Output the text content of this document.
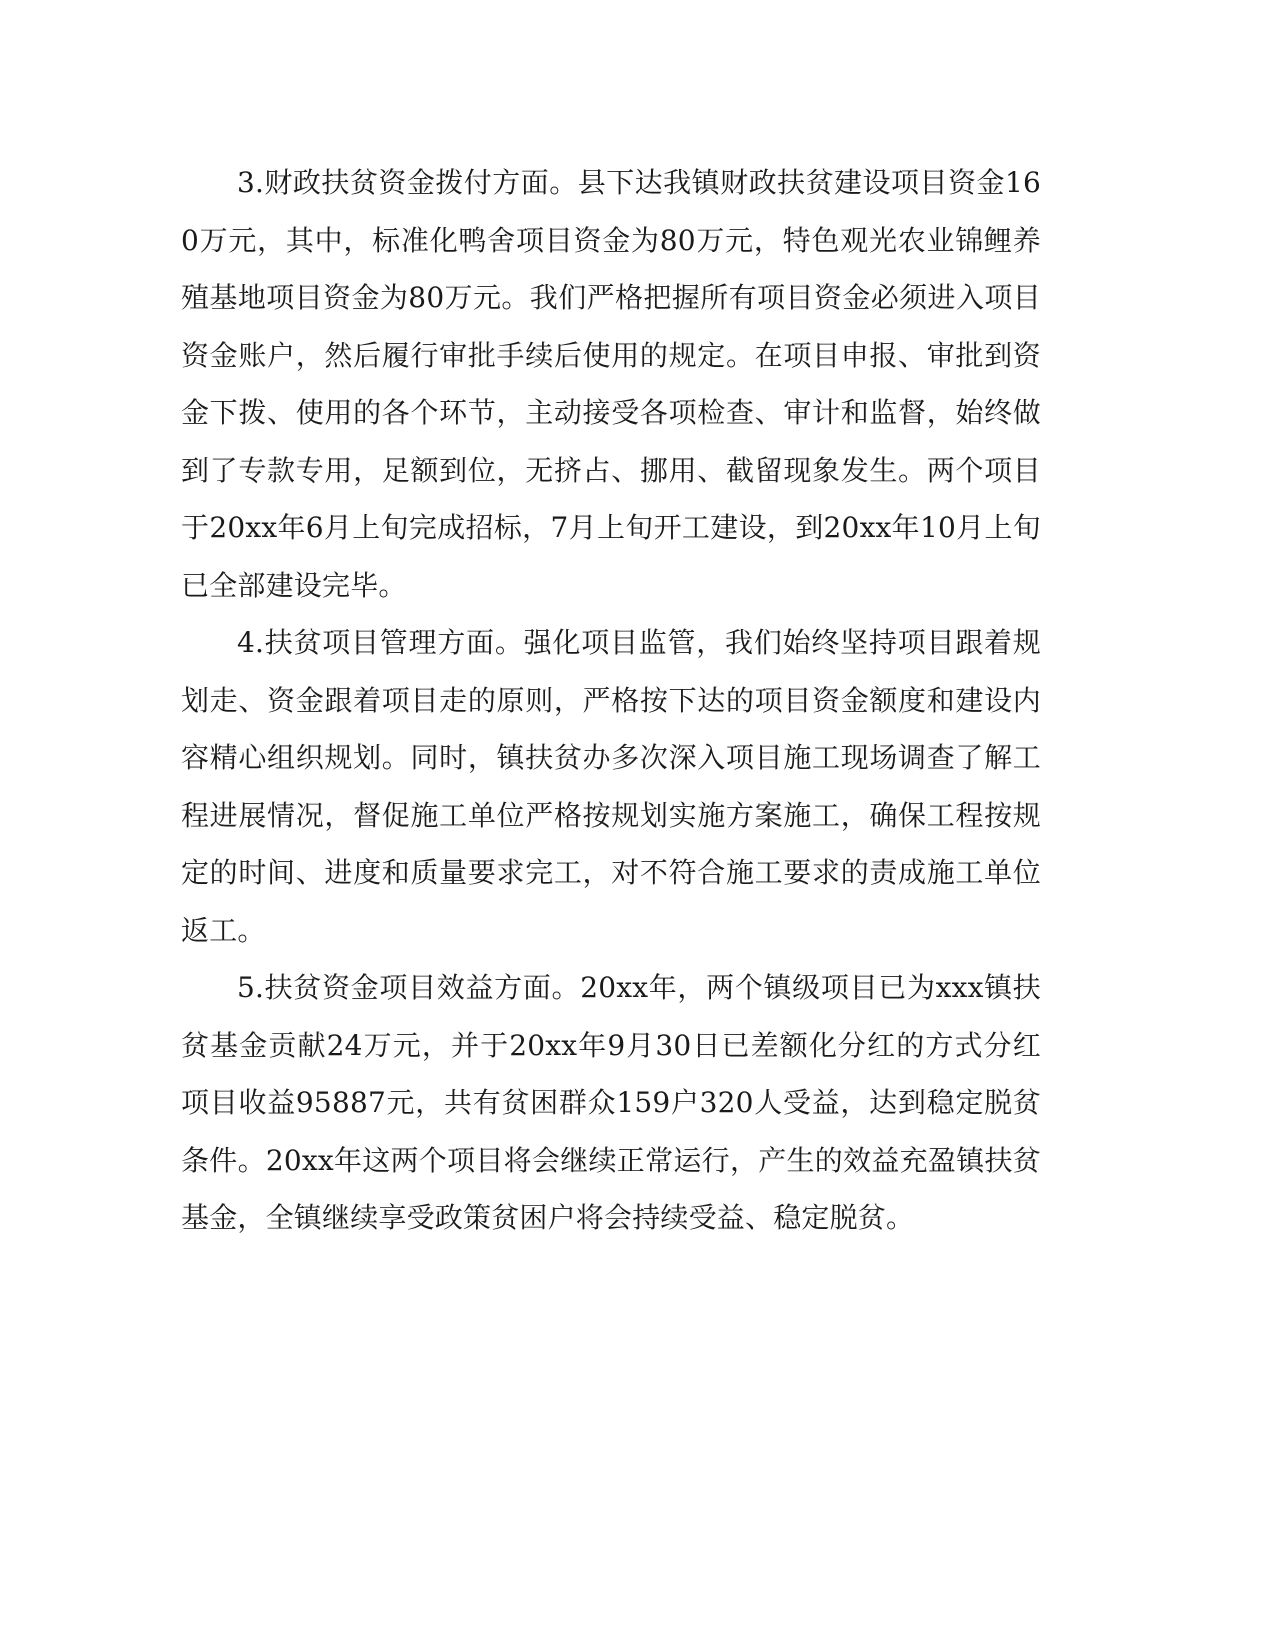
3.财政扶贫资金拨付方面。县下达我镇财政扶贫建设项目资金160万元，其中，标准化鸭舍项目资金为80万元，特色观光农业锦鲤养殖基地项目资金为80万元。我们严格把握所有项目资金必须进入项目资金账户，然后履行审批手续后使用的规定。在项目申报、审批到资金下拨、使用的各个环节，主动接受各项检查、审计和监督，始终做到了专款专用，足额到位，无挤占、挪用、截留现象发生。两个项目于20xx年6月上旬完成招标，7月上旬开工建设，到20xx年10月上旬已全部建设完毕。

4.扶贫项目管理方面。强化项目监管，我们始终坚持项目跟着规划走、资金跟着项目走的原则，严格按下达的项目资金额度和建设内容精心组织规划。同时，镇扶贫办多次深入项目施工现场调查了解工程进展情况，督促施工单位严格按规划实施方案施工，确保工程按规定的时间、进度和质量要求完工，对不符合施工要求的责成施工单位返工。

5.扶贫资金项目效益方面。20xx年，两个镇级项目已为xxx镇扶贫基金贡献24万元，并于20xx年9月30日已差额化分红的方式分红项目收益95887元，共有贫困群众159户320人受益，达到稳定脱贫条件。20xx年这两个项目将会继续正常运行，产生的效益充盈镇扶贫基金，全镇继续享受政策贫困户将会持续受益、稳定脱贫。
